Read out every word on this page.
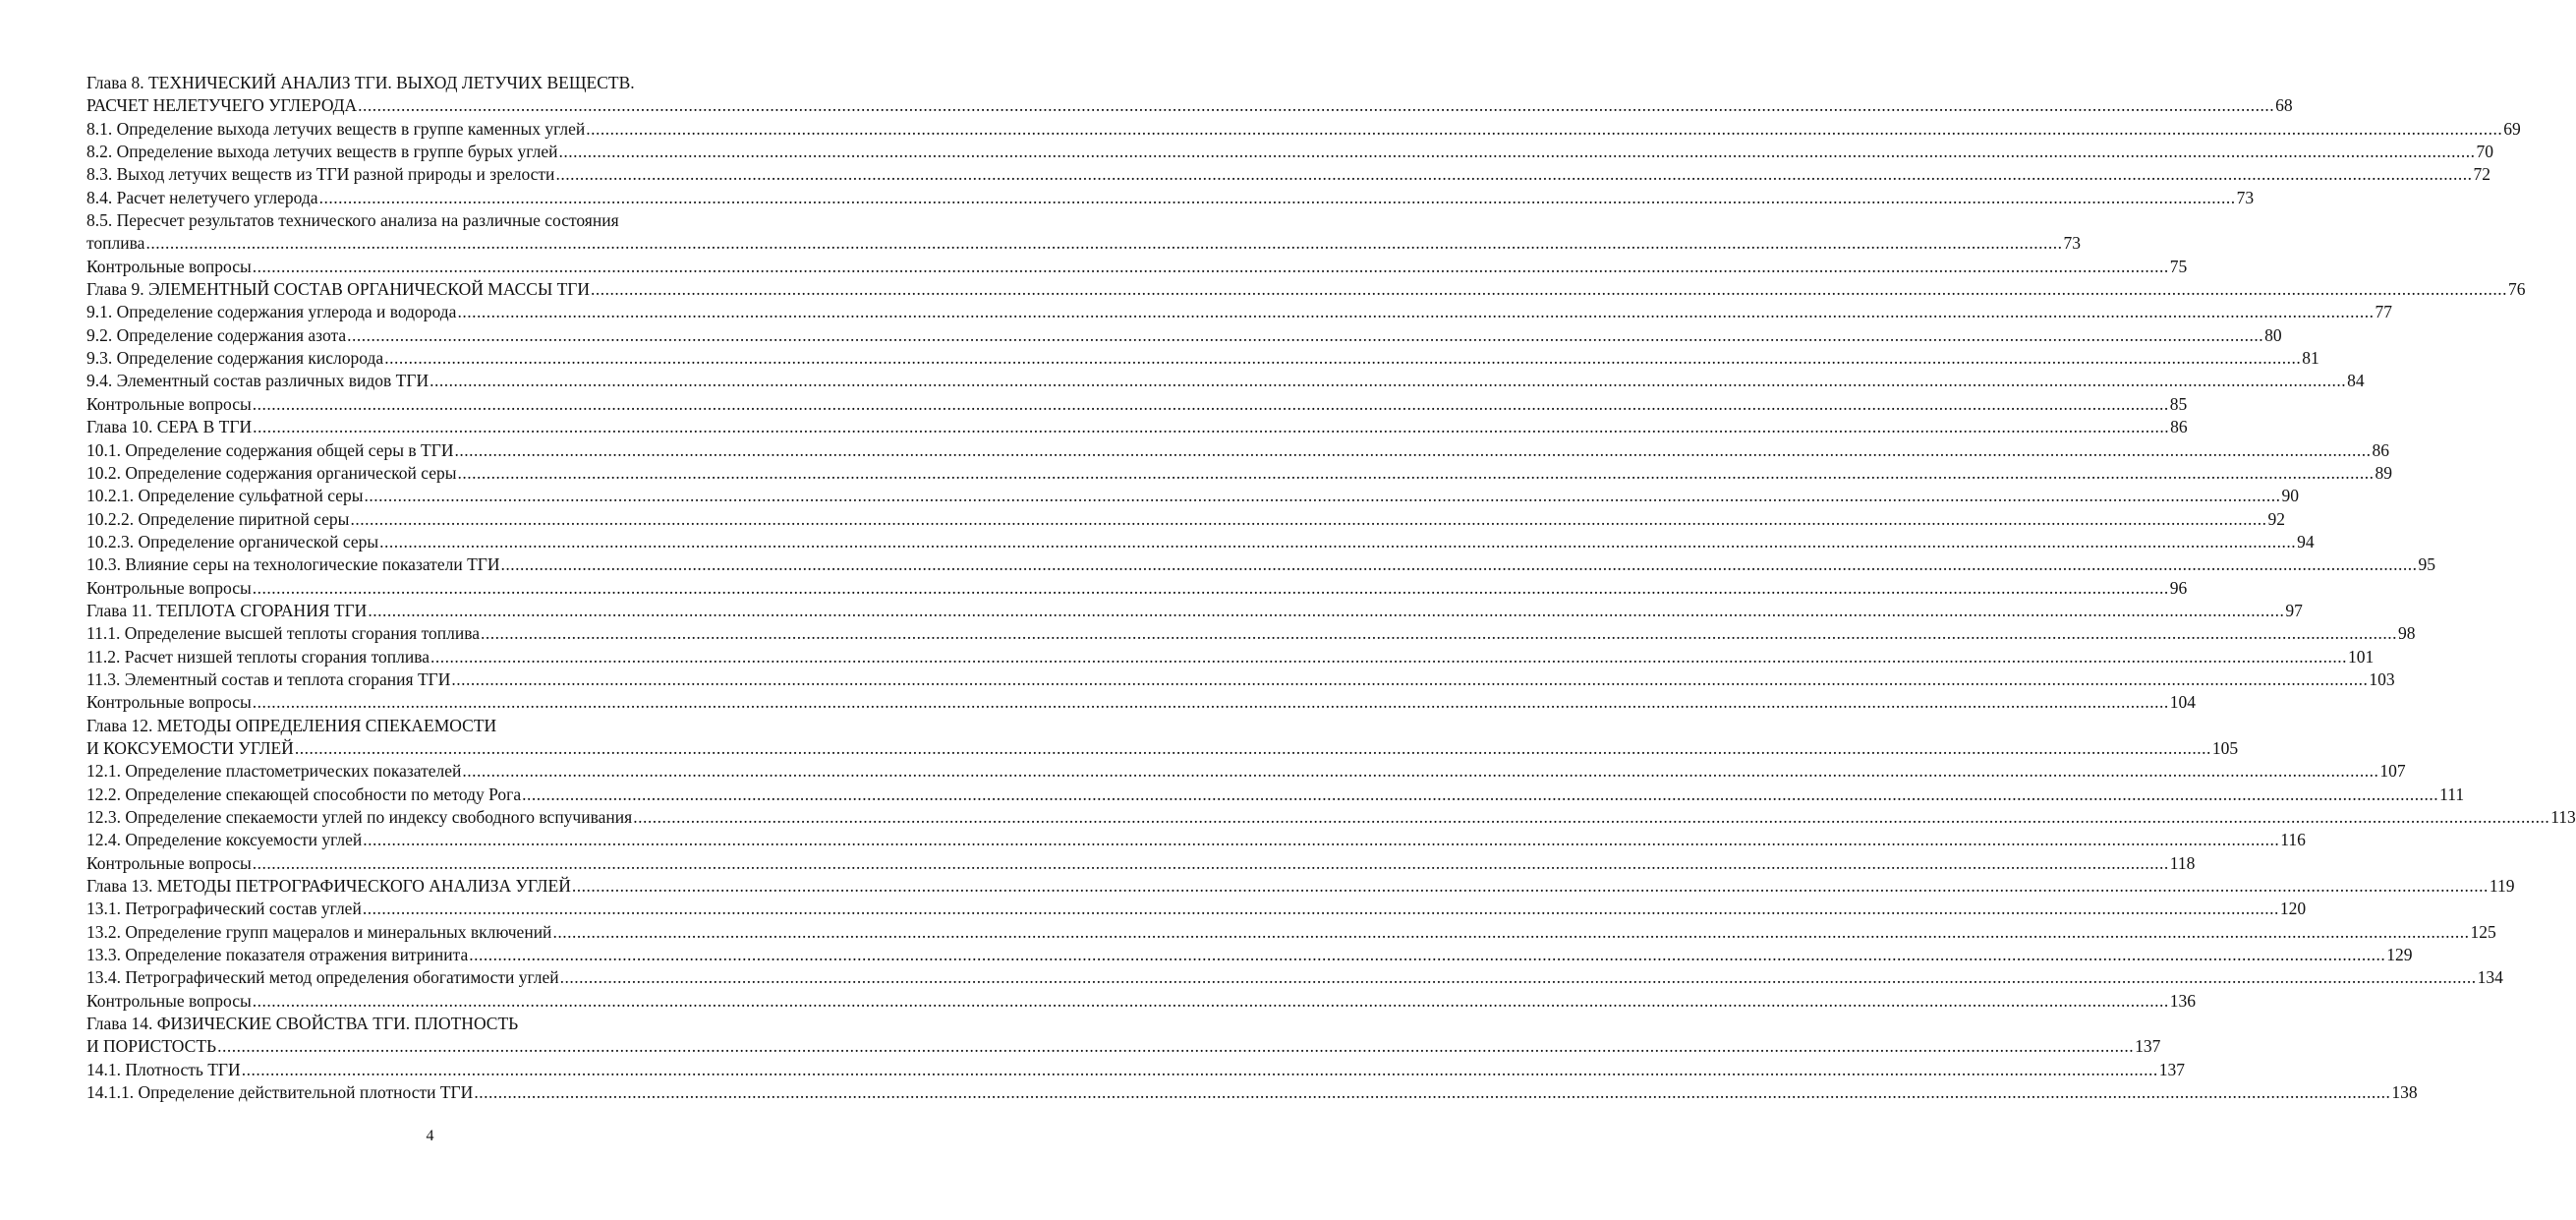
Глава 8. ТЕХНИЧЕСКИЙ АНАЛИЗ ТГИ. ВЫХОД ЛЕТУЧИХ ВЕЩЕСТВ.
РАСЧЕТ НЕЛЕТУЧЕГО УГЛЕРОДА ................................................................................................................................................................................................................................................................................................................................................................................................................ 68
8.1. Определение выхода летучих веществ в группе каменных углей ................................................................................................................................................................................................................................................................................................................................................................................................................ 69
8.2. Определение выхода летучих веществ в группе бурых углей ................................................................................................................................................................................................................................................................................................................................................................................................................ 70
8.3. Выход летучих веществ из ТГИ разной природы и зрелости ................................................................................................................................................................................................................................................................................................................................................................................................................ 72
8.4. Расчет нелетучего углерода ................................................................................................................................................................................................................................................................................................................................................................................................................ 73
8.5. Пересчет результатов технического анализа на различные состояния
топлива ................................................................................................................................................................................................................................................................................................................................................................................................................ 73
Контрольные вопросы ................................................................................................................................................................................................................................................................................................................................................................................................................ 75
Глава 9. ЭЛЕМЕНТНЫЙ СОСТАВ ОРГАНИЧЕСКОЙ МАССЫ ТГИ ................................................................................................................................................................................................................................................................................................................................................................................................................ 76
9.1. Определение содержания углерода и водорода ................................................................................................................................................................................................................................................................................................................................................................................................................ 77
9.2. Определение содержания азота ................................................................................................................................................................................................................................................................................................................................................................................................................ 80
9.3. Определение содержания кислорода ................................................................................................................................................................................................................................................................................................................................................................................................................ 81
9.4. Элементный состав различных видов ТГИ ................................................................................................................................................................................................................................................................................................................................................................................................................ 84
Контрольные вопросы ................................................................................................................................................................................................................................................................................................................................................................................................................ 85
Глава 10. СЕРА В ТГИ ................................................................................................................................................................................................................................................................................................................................................................................................................ 86
10.1. Определение содержания общей серы в ТГИ ................................................................................................................................................................................................................................................................................................................................................................................................................ 86
10.2. Определение содержания органической серы ................................................................................................................................................................................................................................................................................................................................................................................................................ 89
10.2.1. Определение сульфатной серы ................................................................................................................................................................................................................................................................................................................................................................................................................ 90
10.2.2. Определение пиритной серы ................................................................................................................................................................................................................................................................................................................................................................................................................ 92
10.2.3. Определение органической серы ................................................................................................................................................................................................................................................................................................................................................................................................................ 94
10.3. Влияние серы на технологические показатели ТГИ ................................................................................................................................................................................................................................................................................................................................................................................................................ 95
Контрольные вопросы ................................................................................................................................................................................................................................................................................................................................................................................................................ 96
Глава 11. ТЕПЛОТА СГОРАНИЯ ТГИ ................................................................................................................................................................................................................................................................................................................................................................................................................ 97
11.1. Определение высшей теплоты сгорания топлива ................................................................................................................................................................................................................................................................................................................................................................................................................ 98
11.2. Расчет низшей теплоты сгорания топлива ................................................................................................................................................................................................................................................................................................................................................................................................................ 101
11.3. Элементный состав и теплота сгорания ТГИ ................................................................................................................................................................................................................................................................................................................................................................................................................ 103
Контрольные вопросы ................................................................................................................................................................................................................................................................................................................................................................................................................ 104
Глава 12. МЕТОДЫ ОПРЕДЕЛЕНИЯ СПЕКАЕМОСТИ
И КОКСУЕМОСТИ УГЛЕЙ ................................................................................................................................................................................................................................................................................................................................................................................................................ 105
12.1. Определение пластометрических показателей ................................................................................................................................................................................................................................................................................................................................................................................................................ 107
12.2. Определение спекающей способности по методу Рога ................................................................................................................................................................................................................................................................................................................................................................................................................ 111
12.3. Определение спекаемости углей по индексу свободного вспучивания ................................................................................................................................................................................................................................................................................................................................................................................................................ 113
12.4. Определение коксуемости углей ................................................................................................................................................................................................................................................................................................................................................................................................................ 116
Контрольные вопросы ................................................................................................................................................................................................................................................................................................................................................................................................................ 118
Глава 13. МЕТОДЫ ПЕТРОГРАФИЧЕСКОГО АНАЛИЗА УГЛЕЙ ................................................................................................................................................................................................................................................................................................................................................................................................................ 119
13.1. Петрографический состав углей ................................................................................................................................................................................................................................................................................................................................................................................................................ 120
13.2. Определение групп мацералов и минеральных включений ................................................................................................................................................................................................................................................................................................................................................................................................................ 125
13.3. Определение показателя отражения витринита ................................................................................................................................................................................................................................................................................................................................................................................................................ 129
13.4. Петрографический метод определения обогатимости углей ................................................................................................................................................................................................................................................................................................................................................................................................................ 134
Контрольные вопросы ................................................................................................................................................................................................................................................................................................................................................................................................................ 136
Глава 14. ФИЗИЧЕСКИЕ СВОЙСТВА ТГИ. ПЛОТНОСТЬ
И ПОРИСТОСТЬ ................................................................................................................................................................................................................................................................................................................................................................................................................ 137
14.1. Плотность ТГИ ................................................................................................................................................................................................................................................................................................................................................................................................................ 137
14.1.1. Определение действительной плотности ТГИ ................................................................................................................................................................................................................................................................................................................................................................................................................ 138
4
